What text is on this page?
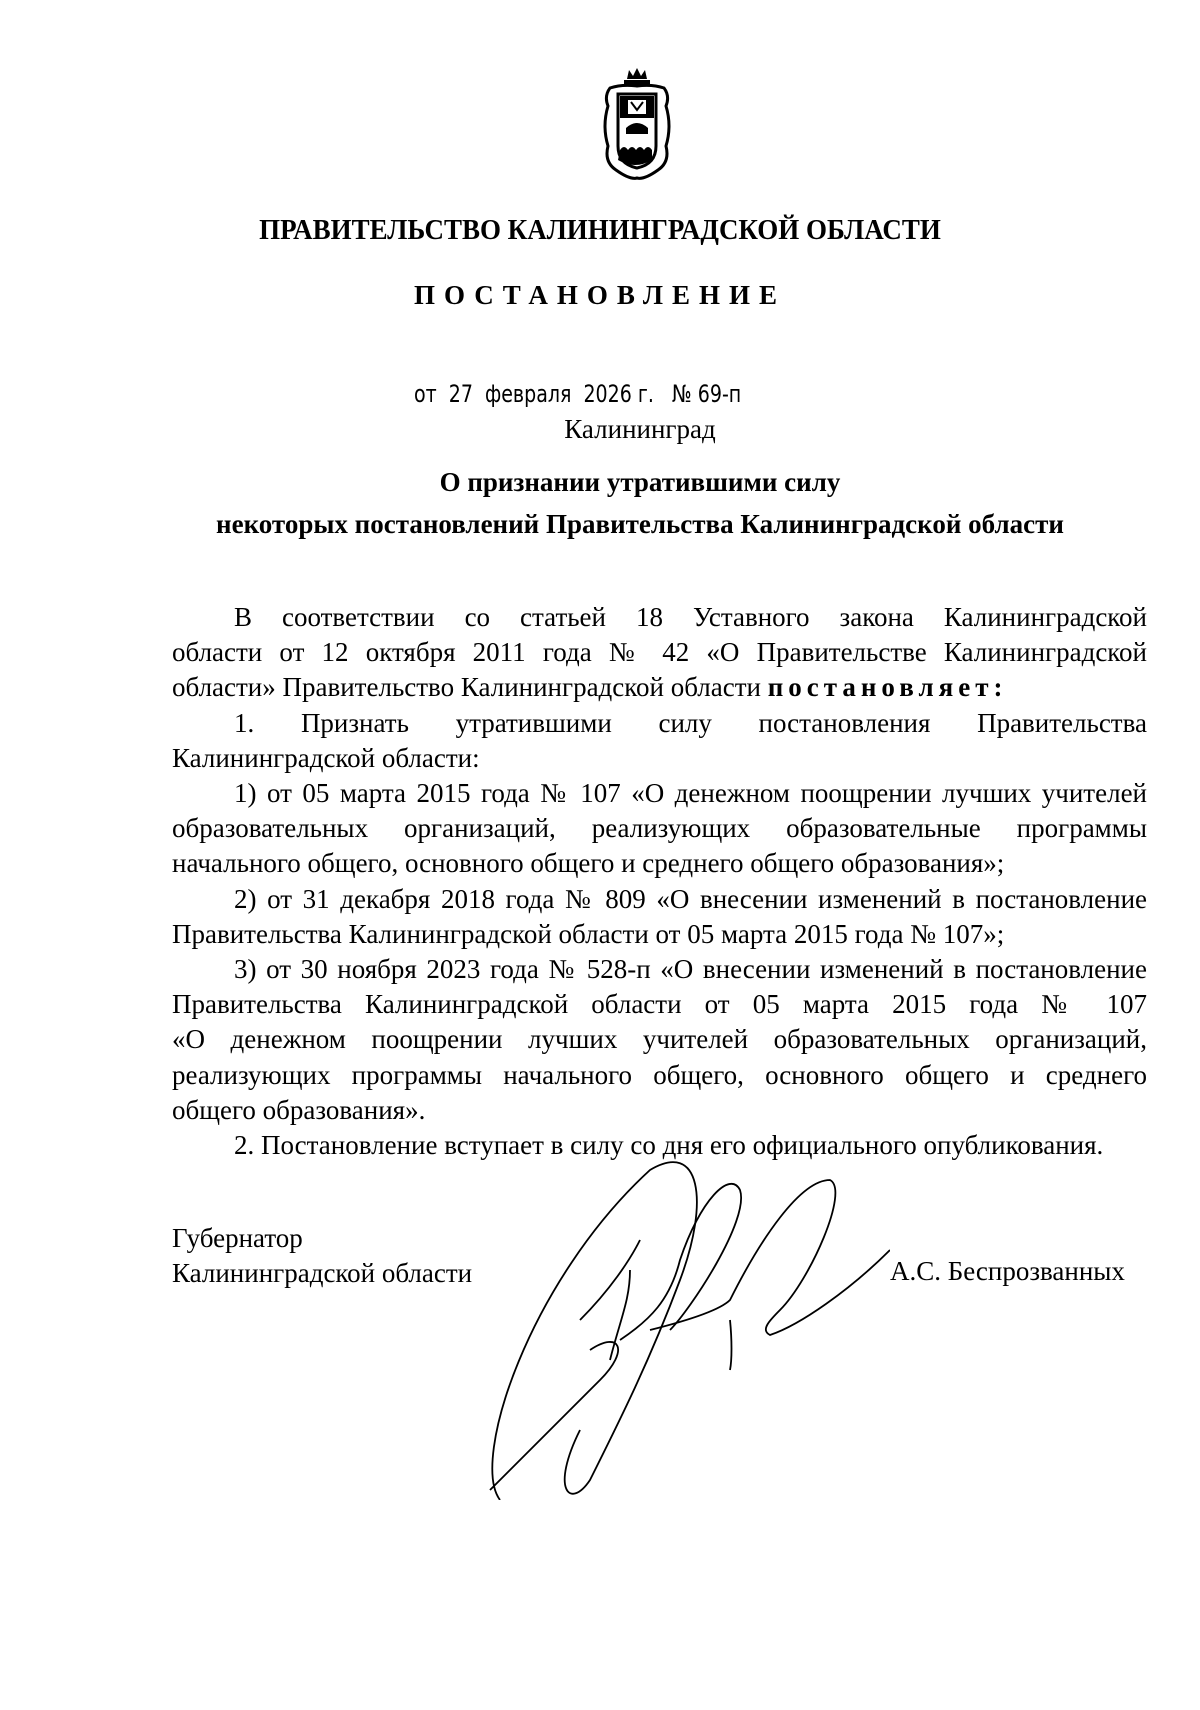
ПРАВИТЕЛЬСТВО КАЛИНИНГРАДСКОЙ ОБЛАСТИ
ПОСТАНОВЛЕНИЕ
от  27  февраля  2026 г.   № 69-п
Калининград
О признании утратившими силу
некоторых постановлений Правительства Калининградской области
В соответствии со статьей 18 Уставного закона Калининградской
области от 12 октября 2011 года № 42 «О Правительстве Калининградской
области» Правительство Калининградской области постановляет:
1. Признать утратившими силу постановления Правительства
Калининградской области:
1) от 05 марта 2015 года № 107 «О денежном поощрении лучших учителей
образовательных организаций, реализующих образовательные программы
начального общего, основного общего и среднего общего образования»;
2) от 31 декабря 2018 года № 809 «О внесении изменений в постановление
Правительства Калининградской области от 05 марта 2015 года № 107»;
3) от 30 ноября 2023 года № 528-п «О внесении изменений в постановление
Правительства Калининградской области от 05 марта 2015 года № 107
«О денежном поощрении лучших учителей образовательных организаций,
реализующих программы начального общего, основного общего и среднего
общего образования».
2. Постановление вступает в силу со дня его официального опубликования.
Губернатор
Калининградской области	А.С. Беспрозванных
